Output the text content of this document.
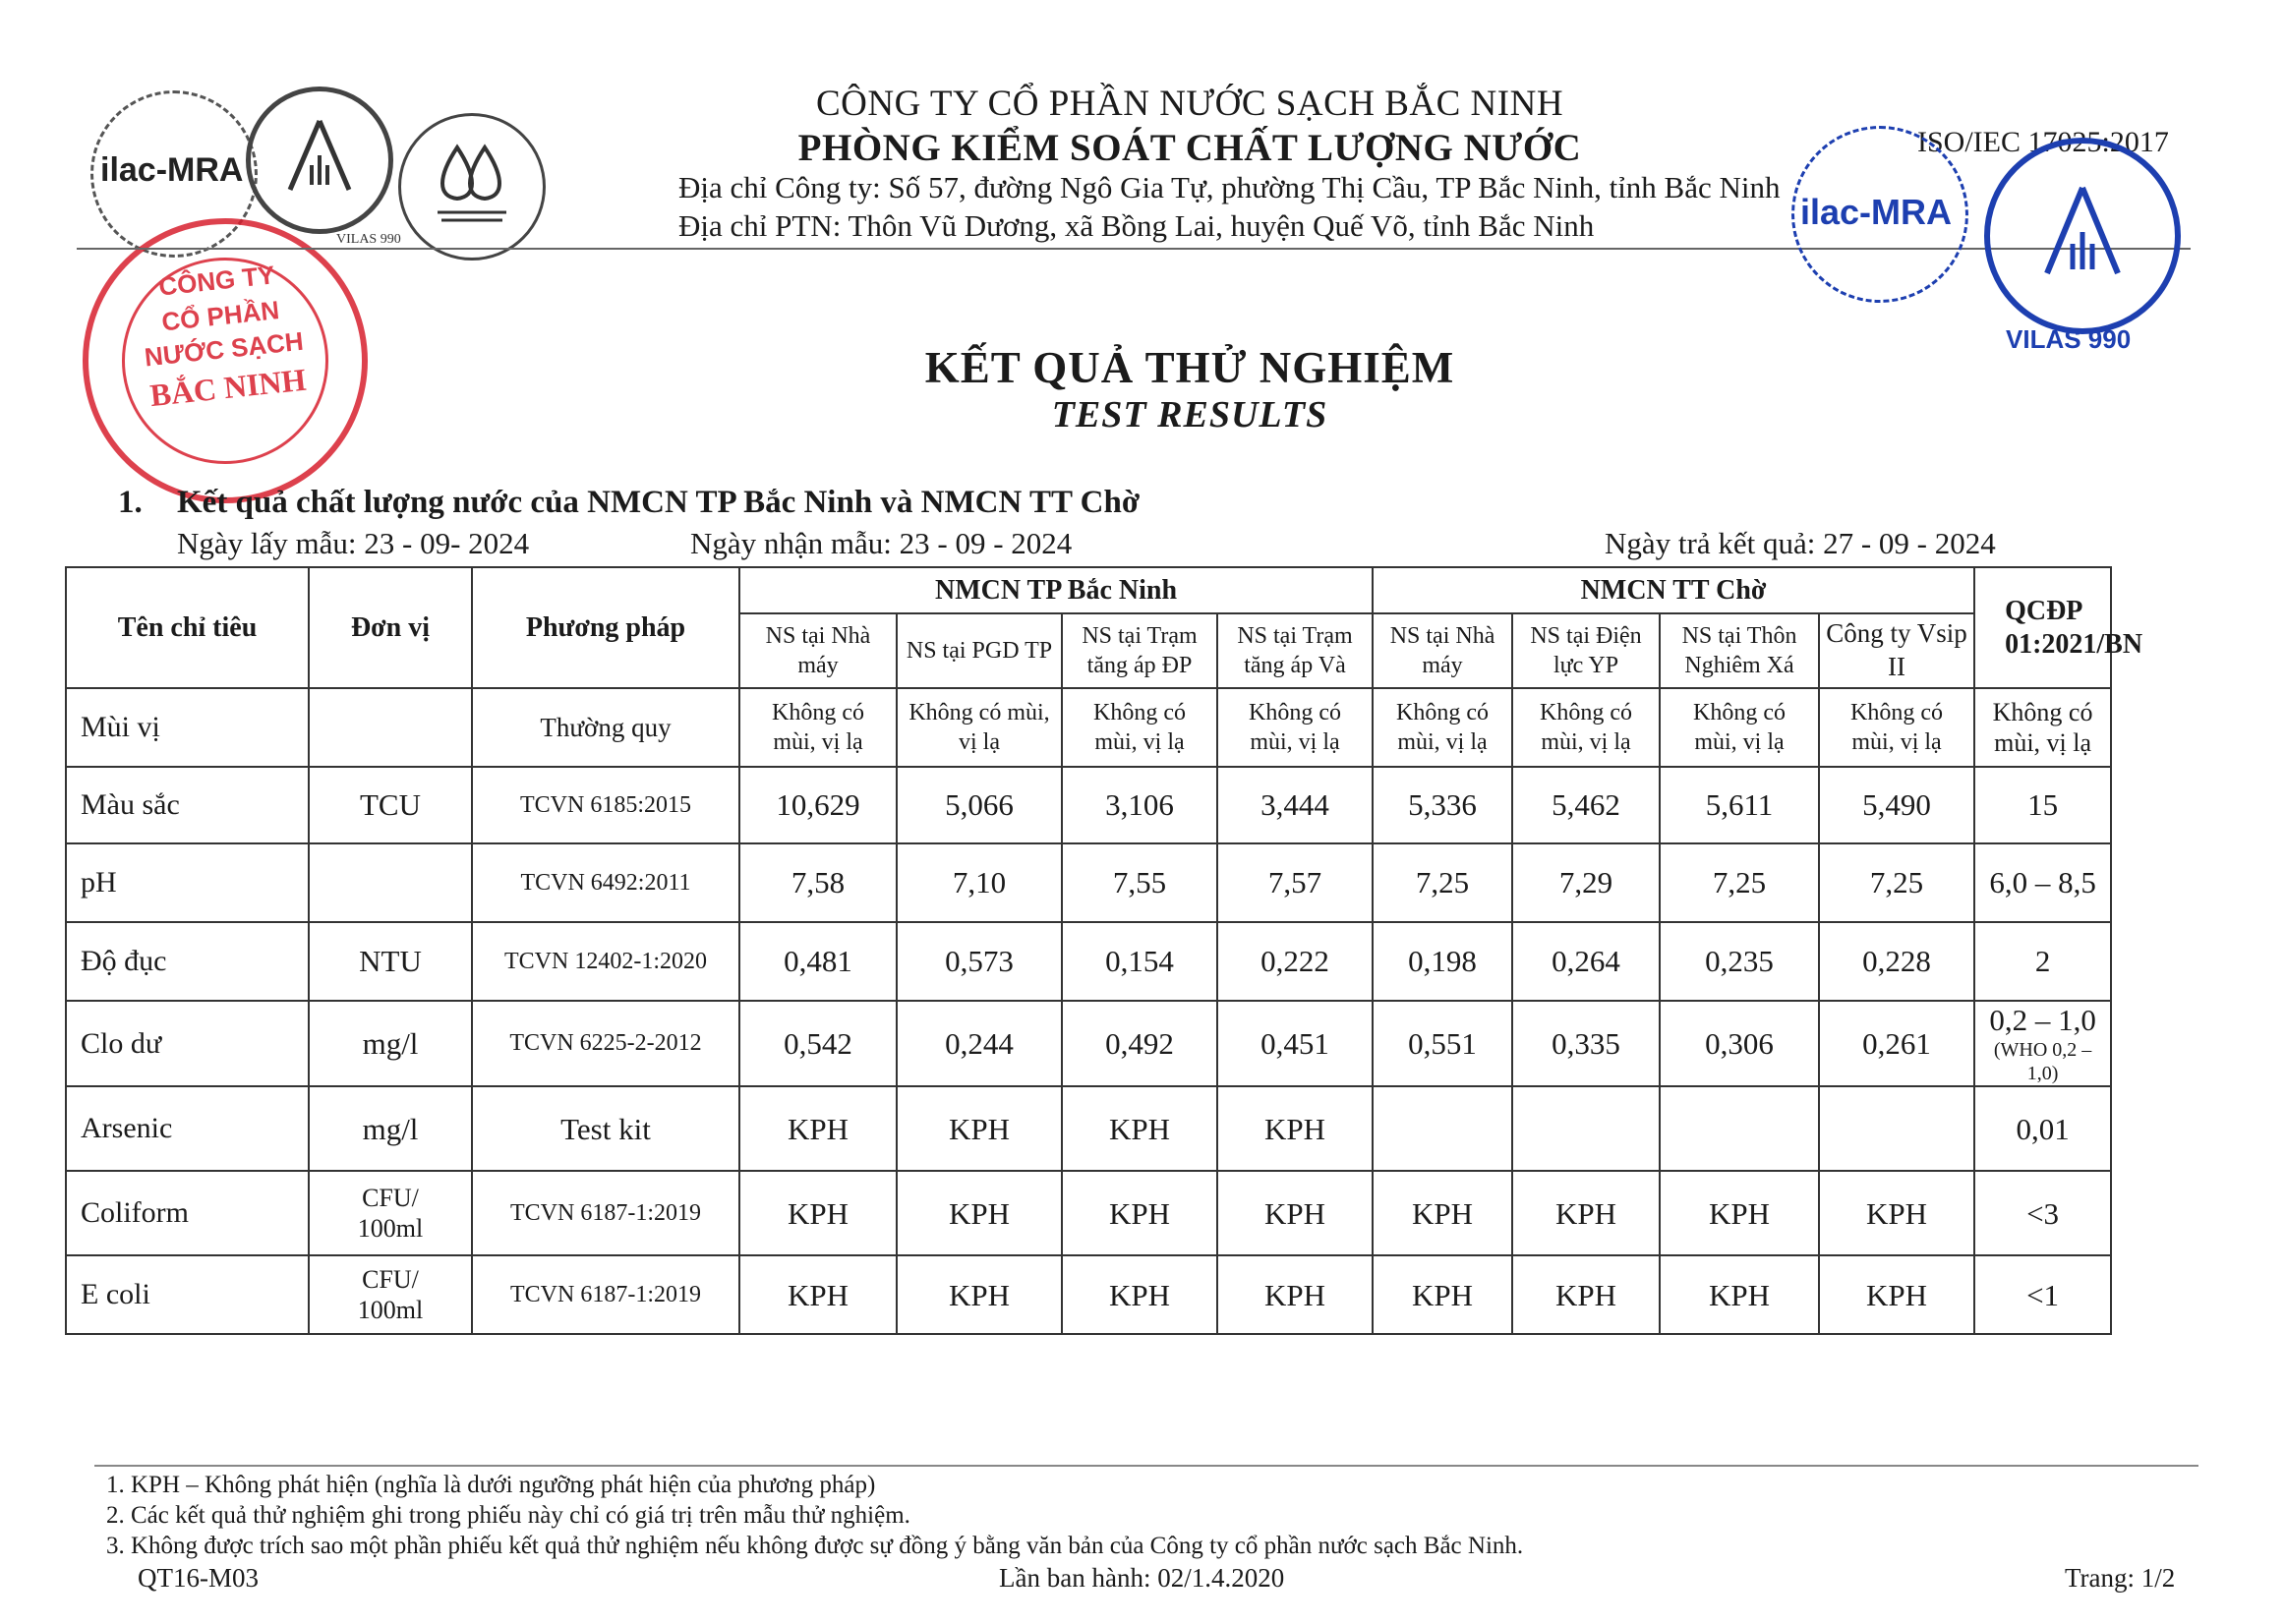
ilac-MRA
VILAS 990
CÔNG TY
CỔ PHẦN
NƯỚC SẠCH
BẮC NINH
CÔNG TY CỔ PHẦN NƯỚC SẠCH BẮC NINH
PHÒNG KIỂM SOÁT CHẤT LƯỢNG NƯỚC
Địa chỉ Công ty: Số 57, đường Ngô Gia Tự, phường Thị Cầu, TP Bắc Ninh, tỉnh Bắc Ninh
Địa chỉ PTN: Thôn Vũ Dương, xã Bồng Lai, huyện Quế Võ, tỉnh Bắc Ninh
ISO/IEC 17025:2017
ilac-MRA
VILAS 990
KẾT QUẢ THỬ NGHIỆM
TEST RESULTS
1. Kết quả chất lượng nước của NMCN TP Bắc Ninh và NMCN TT Chờ
Ngày lấy mẫu: 23 - 09- 2024	Ngày nhận mẫu: 23 - 09 - 2024	Ngày trả kết quả: 27 - 09 - 2024
Tên chỉ tiêu	Đơn vị	Phương pháp	NMCN TP Bắc Ninh				NMCN TT Chờ				QCĐP 01:2021/BN
			NS tại Nhà máy	NS tại PGD TP	NS tại Trạm tăng áp ĐP	NS tại Trạm tăng áp Và	NS tại Nhà máy	NS tại Điện lực YP	NS tại Thôn Nghiêm Xá	Công ty Vsip II	
Mùi vị		Thường quy	Không có mùi, vị lạ	Không có mùi, vị lạ	Không có mùi, vị lạ	Không có mùi, vị lạ	Không có mùi, vị lạ	Không có mùi, vị lạ	Không có mùi, vị lạ	Không có mùi, vị lạ	Không có mùi, vị lạ
Màu sắc	TCU	TCVN 6185:2015	10,629	5,066	3,106	3,444	5,336	5,462	5,611	5,490	15
pH		TCVN 6492:2011	7,58	7,10	7,55	7,57	7,25	7,29	7,25	7,25	6,0 – 8,5
Độ đục	NTU	TCVN 12402-1:2020	0,481	0,573	0,154	0,222	0,198	0,264	0,235	0,228	2
Clo dư	mg/l	TCVN 6225-2-2012	0,542	0,244	0,492	0,451	0,551	0,335	0,306	0,261	0,2 – 1,0
(WHO 0,2 – 1,0)

Arsenic	mg/l	Test kit	KPH	KPH	KPH	KPH					0,01
Coliform	CFU/ 100ml	TCVN 6187-1:2019	KPH	KPH	KPH	KPH	KPH	KPH	KPH	KPH	<3
E coli	CFU/ 100ml	TCVN 6187-1:2019	KPH	KPH	KPH	KPH	KPH	KPH	KPH	KPH	<1
1. KPH – Không phát hiện (nghĩa là dưới ngưỡng phát hiện của phương pháp)
2. Các kết quả thử nghiệm ghi trong phiếu này chỉ có giá trị trên mẫu thử nghiệm.
3. Không được trích sao một phần phiếu kết quả thử nghiệm nếu không được sự đồng ý bằng văn bản của Công ty cổ phần nước sạch Bắc Ninh.
QT16-M03	Lần ban hành: 02/1.4.2020	Trang: 1/2
